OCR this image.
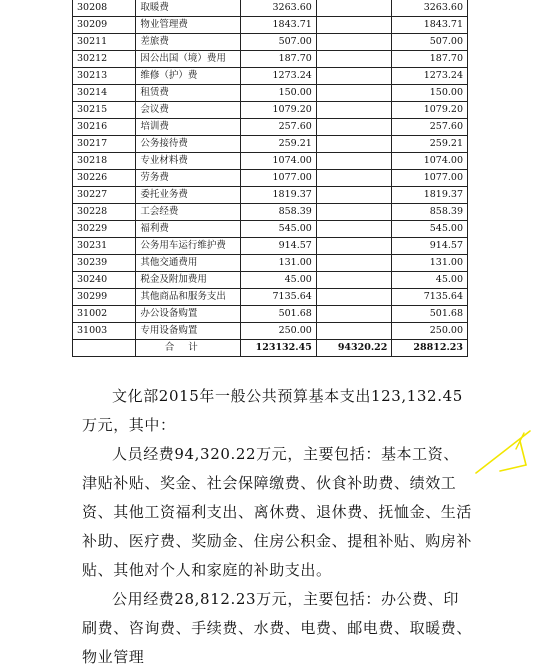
30208	取暖费	3263.60		3263.60
30209	物业管理费	1843.71		1843.71
30211	差旅费	507.00		507.00
30212	因公出国（境）费用	187.70		187.70
30213	维修（护）费	1273.24		1273.24
30214	租赁费	150.00		150.00
30215	会议费	1079.20		1079.20
30216	培训费	257.60		257.60
30217	公务接待费	259.21		259.21
30218	专业材料费	1074.00		1074.00
30226	劳务费	1077.00		1077.00
30227	委托业务费	1819.37		1819.37
30228	工会经费	858.39		858.39
30229	福利费	545.00		545.00
30231	公务用车运行维护费	914.57		914.57
30239	其他交通费用	131.00		131.00
30240	税金及附加费用	45.00		45.00
30299	其他商品和服务支出	7135.64		7135.64
31002	办公设备购置	501.68		501.68
31003	专用设备购置	250.00		250.00
	合计	123132.45	94320.22	28812.23

文化部2015年一般公共预算基本支出123,132.45万元，其中：

人员经费94,320.22万元，主要包括：基本工资、津贴补贴、奖金、社会保障缴费、伙食补助费、绩效工资、其他工资福利支出、离休费、退休费、抚恤金、生活补助、医疗费、奖励金、住房公积金、提租补贴、购房补贴、其他对个人和家庭的补助支出。

公用经费28,812.23万元，主要包括：办公费、印刷费、咨询费、手续费、水费、电费、邮电费、取暖费、物业管理
